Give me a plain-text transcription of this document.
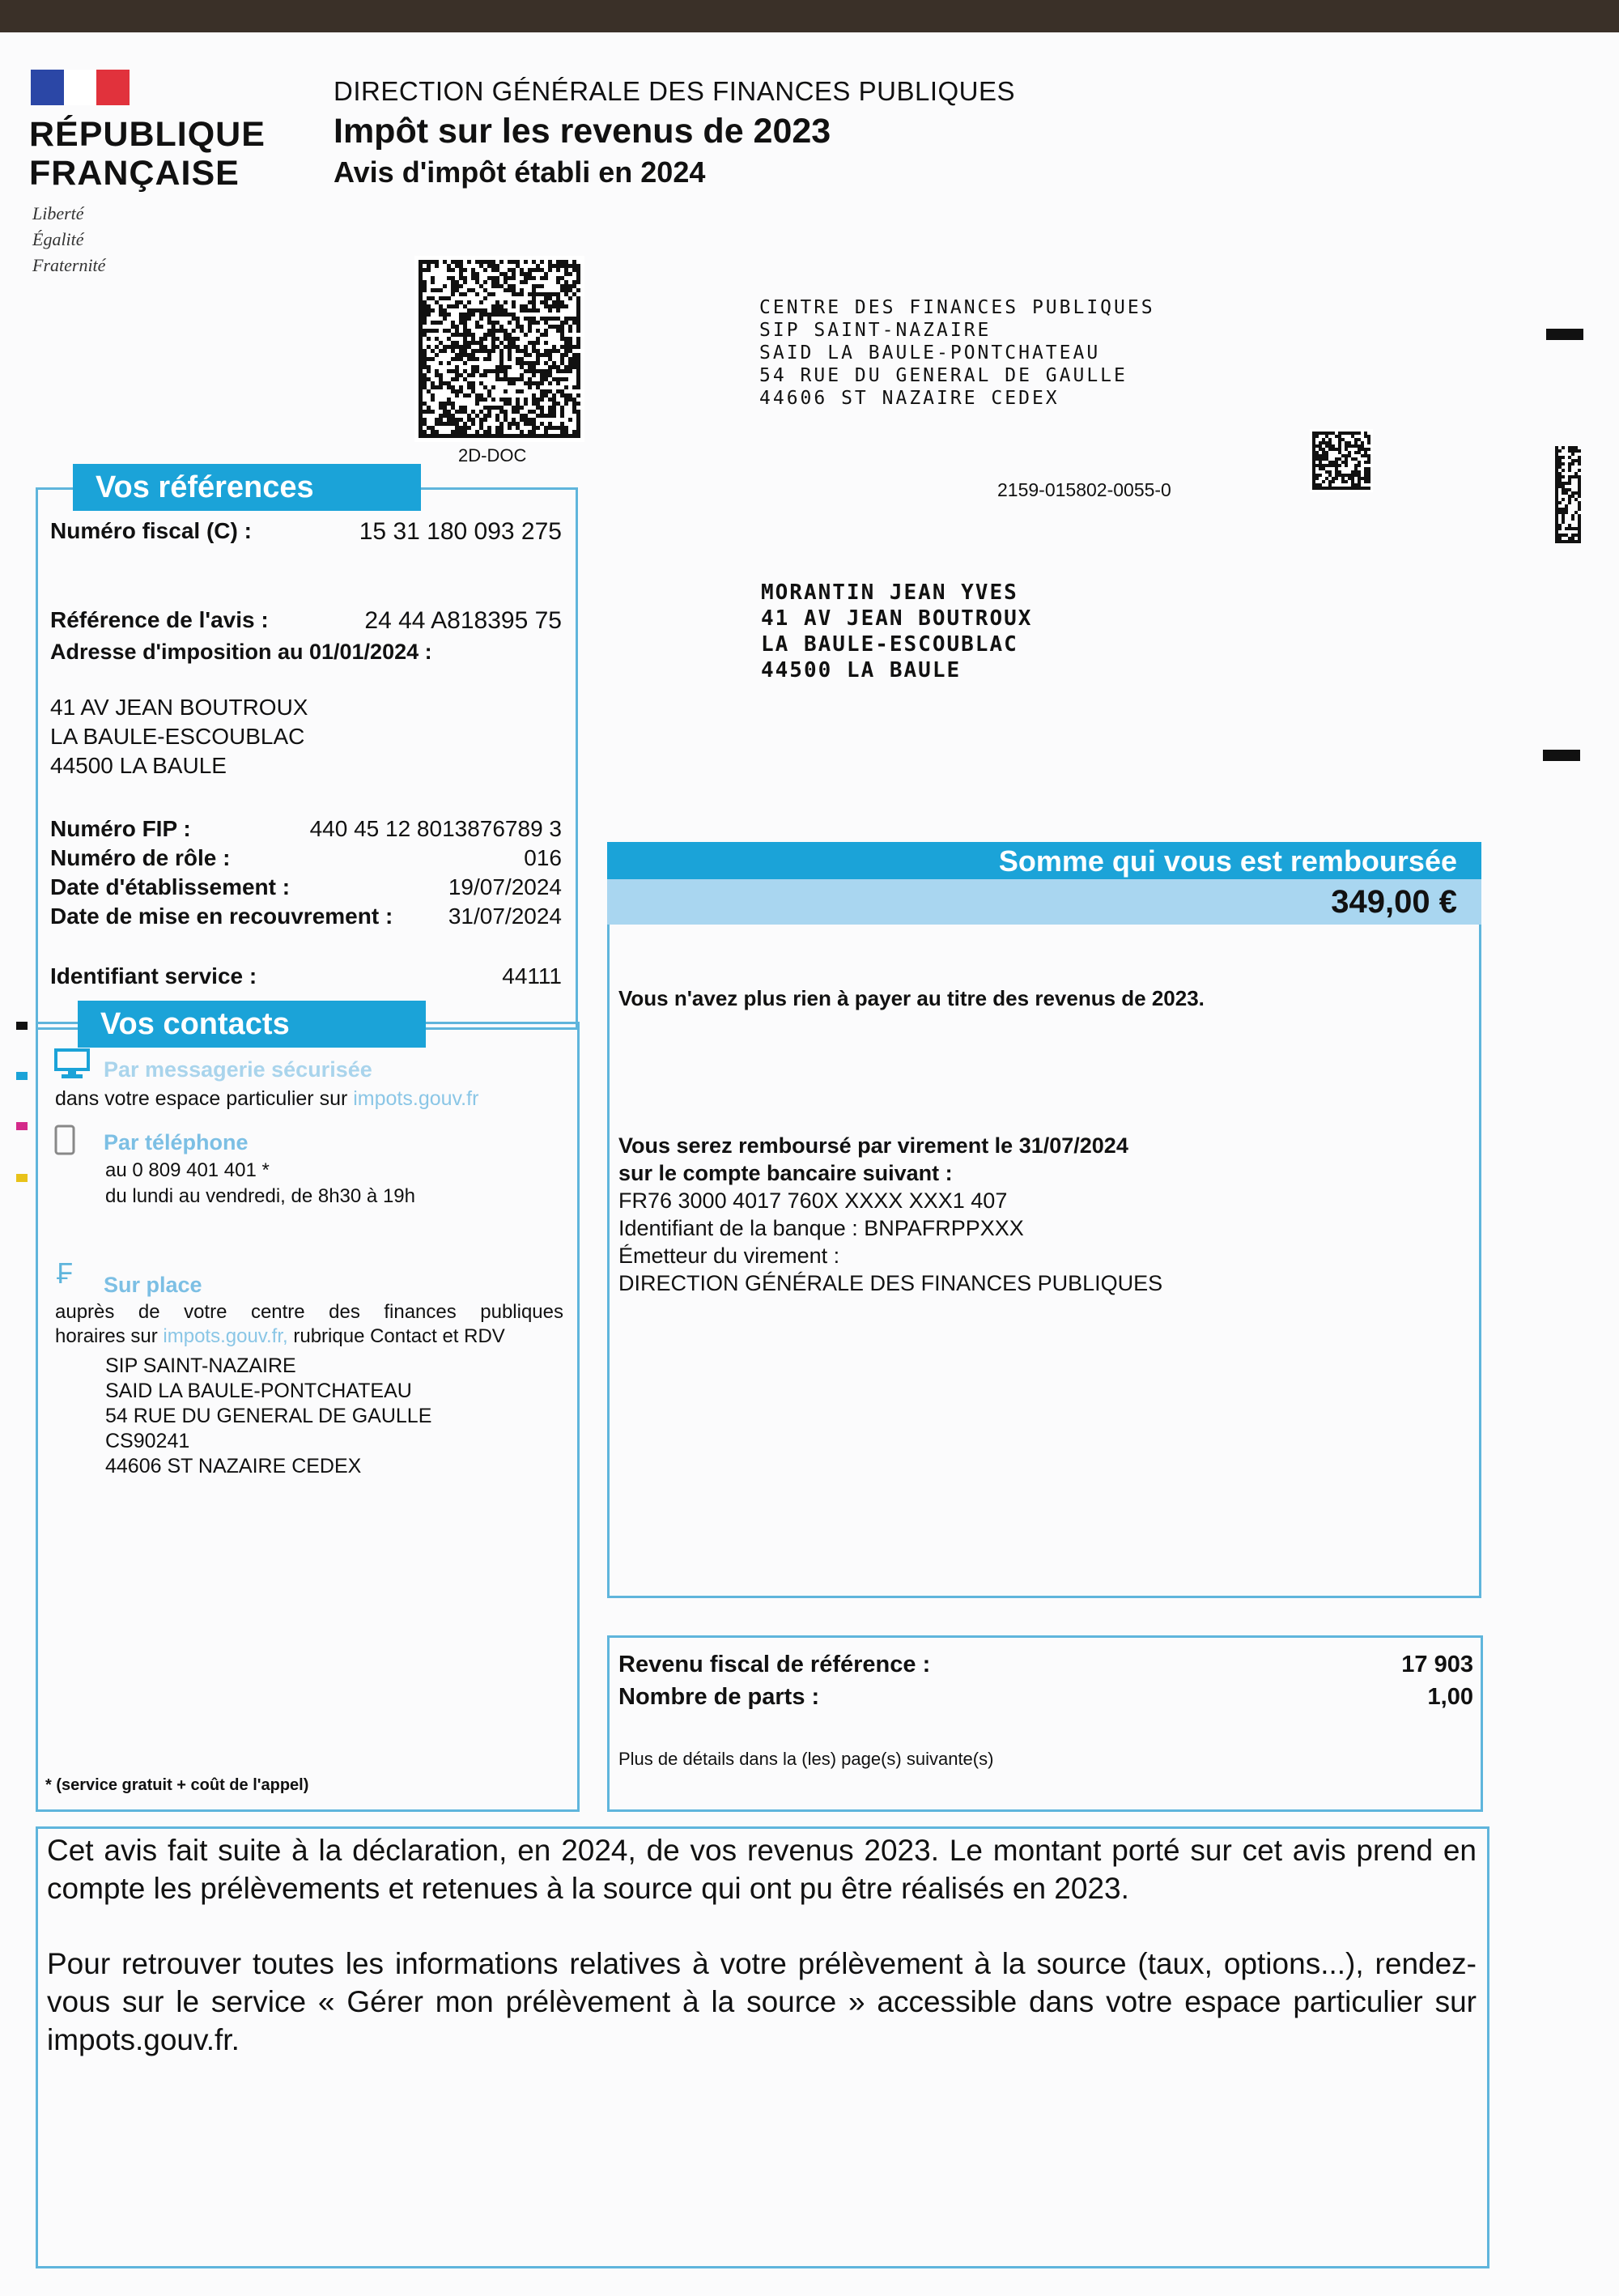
RÉPUBLIQUE
FRANÇAISE
Liberté
Égalité
Fraternité
DIRECTION GÉNÉRALE DES FINANCES PUBLIQUES
Impôt sur les revenus de 2023
Avis d'impôt établi en 2024
2D-DOC
CENTRE DES FINANCES PUBLIQUES
SIP SAINT-NAZAIRE
SAID LA BAULE-PONTCHATEAU
54 RUE DU GENERAL DE GAULLE
44606 ST NAZAIRE CEDEX
2159-015802-0055-0
MORANTIN JEAN YVES
41 AV JEAN BOUTROUX
LA BAULE-ESCOUBLAC
44500 LA BAULE
Vos références
Numéro fiscal (C) :	15 31 180 093 275
Référence de l'avis :	24 44 A818395 75
Adresse d'imposition au 01/01/2024 :
41 AV JEAN BOUTROUX
LA BAULE-ESCOUBLAC
44500 LA BAULE
Numéro FIP :	440 45 12 8013876789 3
Numéro de rôle :	016
Date d'établissement :	19/07/2024
Date de mise en recouvrement : 31/07/2024
Identifiant service :	44111
Vos contacts
Par messagerie sécurisée
dans votre espace particulier sur impots.gouv.fr
Par téléphone
au 0 809 401 401 *
du lundi au vendredi, de 8h30 à 19h
₣ Sur place
auprès de votre centre des finances publiques
horaires sur impots.gouv.fr, rubrique Contact et RDV
SIP SAINT-NAZAIRE
SAID LA BAULE-PONTCHATEAU
54 RUE DU GENERAL DE GAULLE
CS90241
44606 ST NAZAIRE CEDEX
* (service gratuit + coût de l'appel)
Somme qui vous est remboursée
349,00 €
Vous n'avez plus rien à payer au titre des revenus de 2023.
Vous serez remboursé par virement le 31/07/2024
sur le compte bancaire suivant :
FR76 3000 4017 760X XXXX XXX1 407
Identifiant de la banque : BNPAFRPPXXX
Émetteur du virement :
DIRECTION GÉNÉRALE DES FINANCES PUBLIQUES
Revenu fiscal de référence :	17 903
Nombre de parts :	1,00
Plus de détails dans la (les) page(s) suivante(s)
Cet avis fait suite à la déclaration, en 2024, de vos revenus 2023. Le montant porté sur cet avis prend en compte les prélèvements et retenues à la source qui ont pu être réalisés en 2023.
Pour retrouver toutes les informations relatives à votre prélèvement à la source (taux, options...), rendez-vous sur le service « Gérer mon prélèvement à la source » accessible dans votre espace particulier sur impots.gouv.fr.
